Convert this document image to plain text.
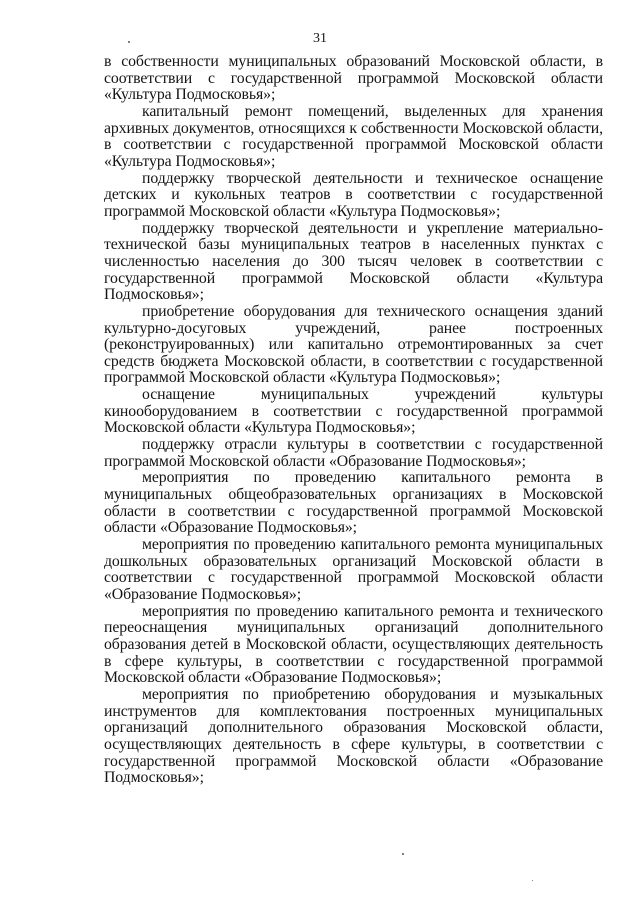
31

в собственности муниципальных образований Московской области, в соответствии с государственной программой Московской области «Культура Подмосковья»;

капитальный ремонт помещений, выделенных для хранения архивных документов, относящихся к собственности Московской области, в соответствии с государственной программой Московской области «Культура Подмосковья»;

поддержку творческой деятельности и техническое оснащение детских и кукольных театров в соответствии с государственной программой Московской области «Культура Подмосковья»;

поддержку творческой деятельности и укрепление материально-технической базы муниципальных театров в населенных пунктах с численностью населения до 300 тысяч человек в соответствии с государственной программой Московской области «Культура Подмосковья»;

приобретение оборудования для технического оснащения зданий культурно-досуговых учреждений, ранее построенных (реконструированных) или капитально отремонтированных за счет средств бюджета Московской области, в соответствии с государственной программой Московской области «Культура Подмосковья»;

оснащение муниципальных учреждений культуры кинооборудованием в соответствии с государственной программой Московской области «Культура Подмосковья»;

поддержку отрасли культуры в соответствии с государственной программой Московской области «Образование Подмосковья»;

мероприятия по проведению капитального ремонта в муниципальных общеобразовательных организациях в Московской области в соответствии с государственной программой Московской области «Образование Подмосковья»;

мероприятия по проведению капитального ремонта муниципальных дошкольных образовательных организаций Московской области в соответствии с государственной программой Московской области «Образование Подмосковья»;

мероприятия по проведению капитального ремонта и технического переоснащения муниципальных организаций дополнительного образования детей в Московской области, осуществляющих деятельность в сфере культуры, в соответствии с государственной программой Московской области «Образование Подмосковья»;

мероприятия по приобретению оборудования и музыкальных инструментов для комплектования построенных муниципальных организаций дополнительного образования Московской области, осуществляющих деятельность в сфере культуры, в соответствии с государственной программой Московской области «Образование Подмосковья»;
